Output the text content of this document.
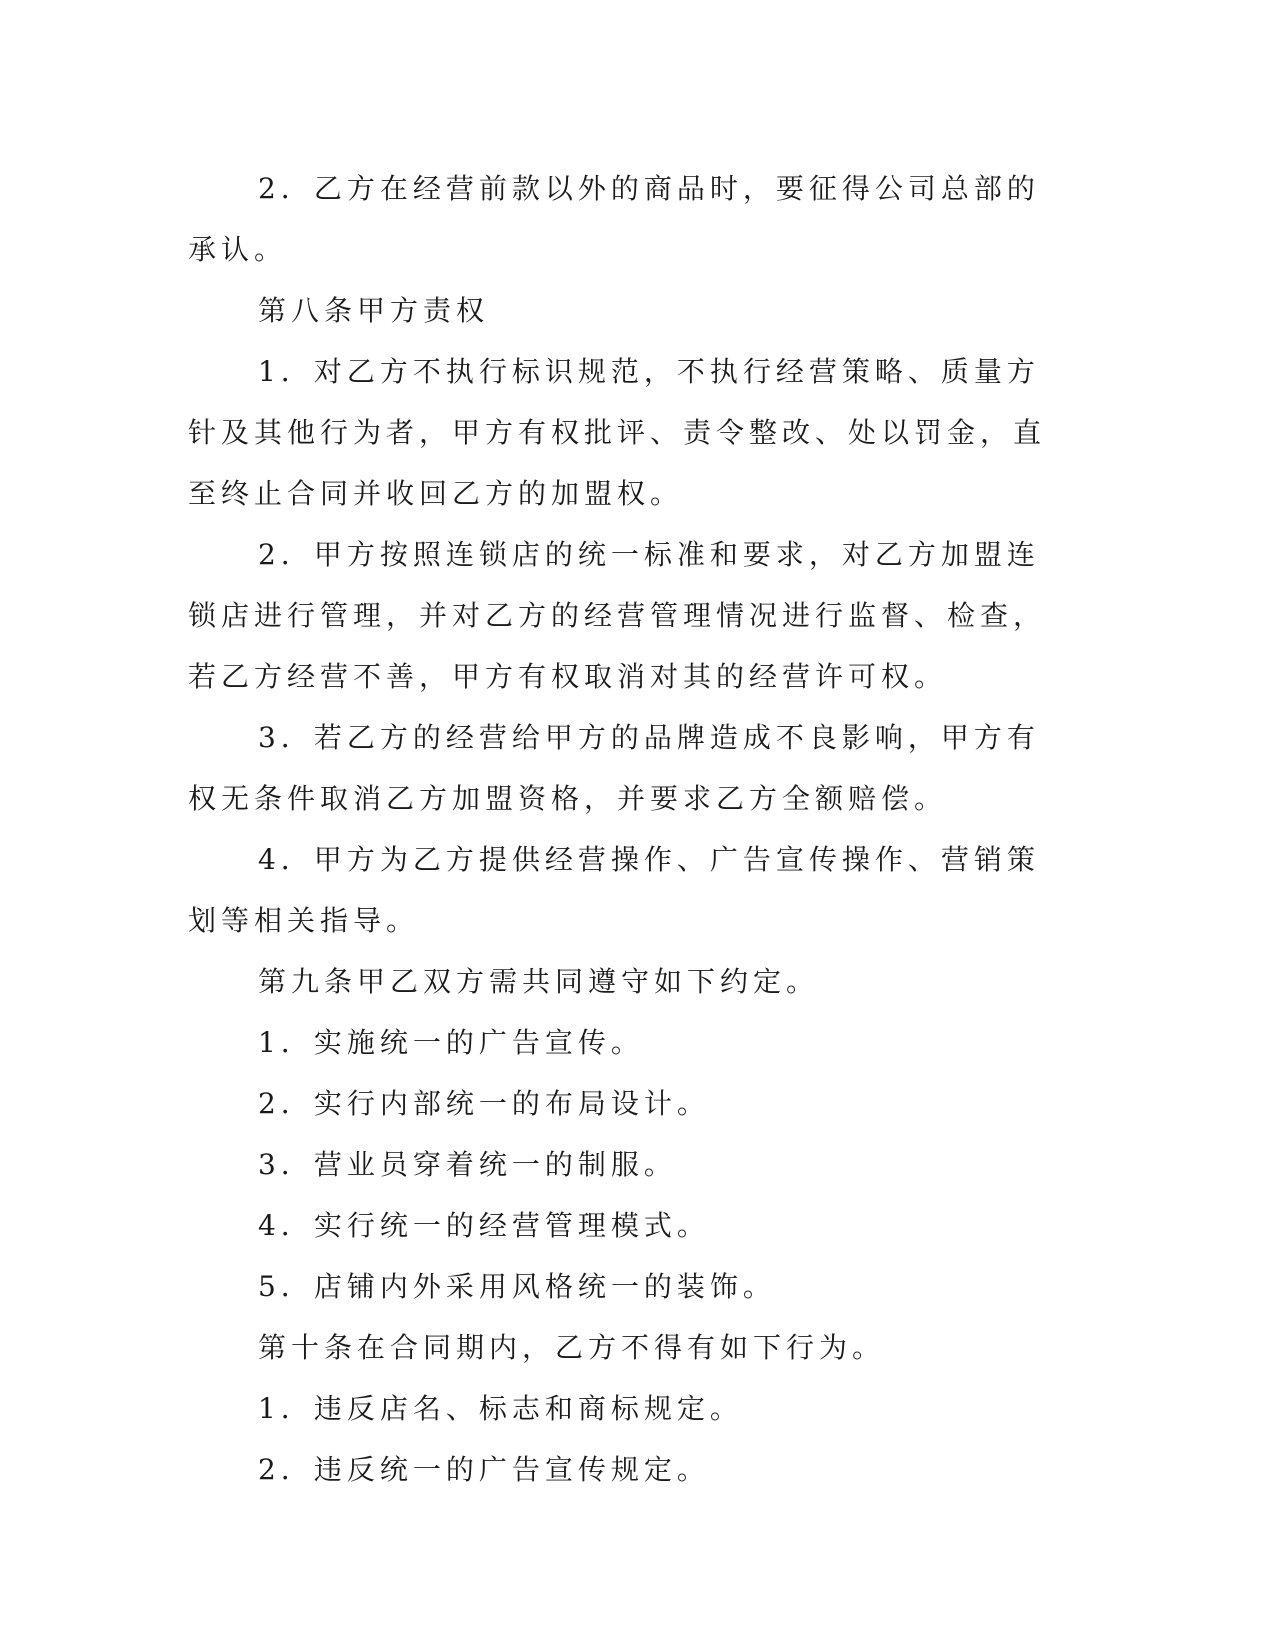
2．乙方在经营前款以外的商品时，要征得公司总部的承认。

第八条甲方责权

1．对乙方不执行标识规范，不执行经营策略、质量方针及其他行为者，甲方有权批评、责令整改、处以罚金，直至终止合同并收回乙方的加盟权。

2．甲方按照连锁店的统一标准和要求，对乙方加盟连锁店进行管理，并对乙方的经营管理情况进行监督、检查，若乙方经营不善，甲方有权取消对其的经营许可权。

3．若乙方的经营给甲方的品牌造成不良影响，甲方有权无条件取消乙方加盟资格，并要求乙方全额赔偿。

4．甲方为乙方提供经营操作、广告宣传操作、营销策划等相关指导。

第九条甲乙双方需共同遵守如下约定。

1．实施统一的广告宣传。

2．实行内部统一的布局设计。

3．营业员穿着统一的制服。

4．实行统一的经营管理模式。

5．店铺内外采用风格统一的装饰。

第十条在合同期内，乙方不得有如下行为。

1．违反店名、标志和商标规定。

2．违反统一的广告宣传规定。
